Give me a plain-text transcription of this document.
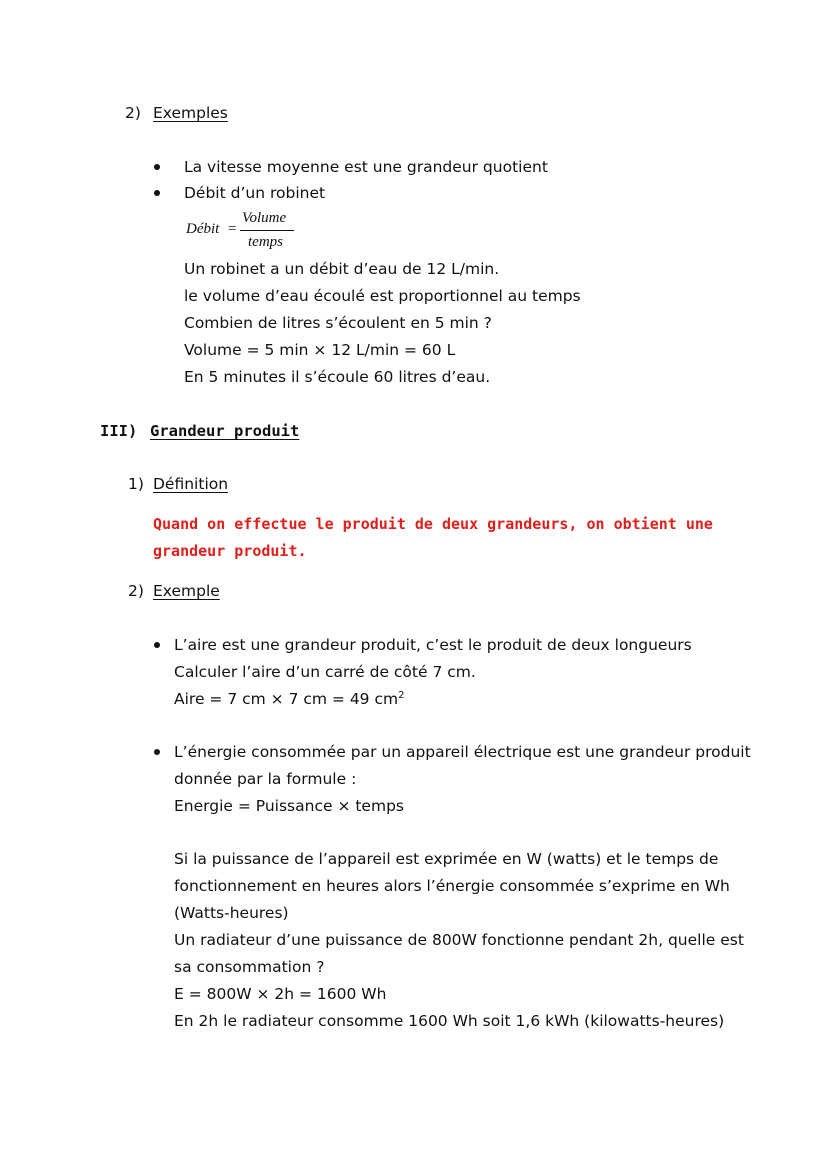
2) Exemples
La vitesse moyenne est une grandeur quotient
Débit d’un robinet
Débit =
Volume
temps
Un robinet a un débit d’eau de 12 L/min.
le volume d’eau écoulé est proportionnel au temps
Combien de litres s’écoulent en 5 min ?
Volume = 5 min × 12 L/min = 60 L
En 5 minutes il s’écoule 60 litres d’eau.
III) Grandeur produit
1) Définition
Quand on effectue le produit de deux grandeurs, on obtient une
grandeur produit.
2) Exemple
L’aire est une grandeur produit, c’est le produit de deux longueurs
Calculer l’aire d’un carré de côté 7 cm.
Aire = 7 cm × 7 cm = 49 $cm^2$
L’énergie consommée par un appareil électrique est une grandeur produit
donnée par la formule :
Energie = Puissance × temps
Si la puissance de l’appareil est exprimée en W (watts) et le temps de
fonctionnement en heures alors l’énergie consommée s’exprime en Wh
(Watts-heures)
Un radiateur d’une puissance de 800W fonctionne pendant 2h, quelle est
sa consommation ?
E = 800W × 2h = 1600 Wh
En 2h le radiateur consomme 1600 Wh soit 1,6 kWh (kilowatts-heures)
